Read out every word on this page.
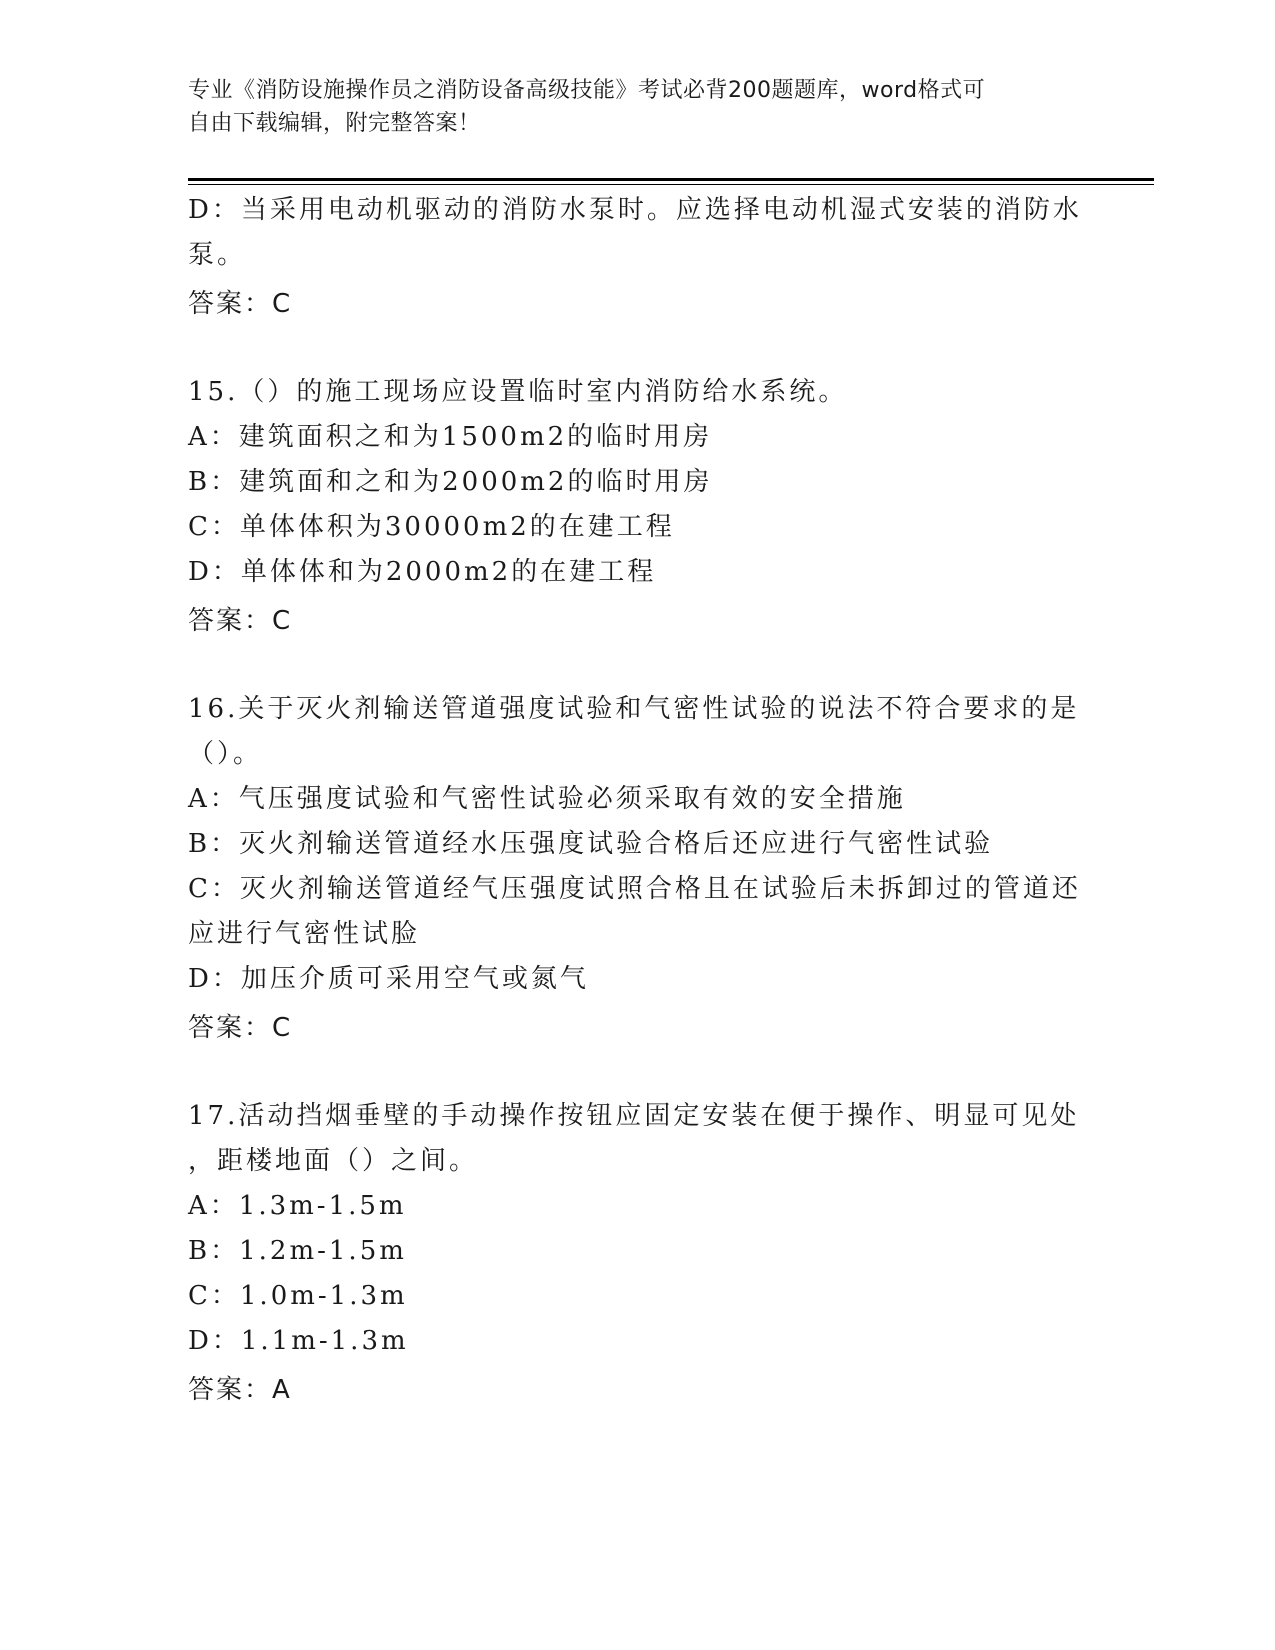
专业《消防设施操作员之消防设备高级技能》考试必背200题题库，word格式可
自由下载编辑，附完整答案！
D：当采用电动机驱动的消防水泵时。应选择电动机湿式安装的消防水
泵。
答案：C
15.（）的施工现场应设置临时室内消防给水系统。
A：建筑面积之和为1500m2的临时用房
B：建筑面和之和为2000m2的临时用房
C：单体体积为30000m2的在建工程
D：单体体和为2000m2的在建工程
答案：C
16.关于灭火剂输送管道强度试验和气密性试验的说法不符合要求的是
（）。
A：气压强度试验和气密性试验必须采取有效的安全措施
B：灭火剂输送管道经水压强度试验合格后还应进行气密性试验
C：灭火剂输送管道经气压强度试照合格且在试验后未拆卸过的管道还
应进行气密性试脸
D：加压介质可采用空气或氮气
答案：C
17.活动挡烟垂壁的手动操作按钮应固定安装在便于操作、明显可见处
，距楼地面（）之间。
A：1.3m-1.5m
B：1.2m-1.5m
C：1.0m-1.3m
D：1.1m-1.3m
答案：A
